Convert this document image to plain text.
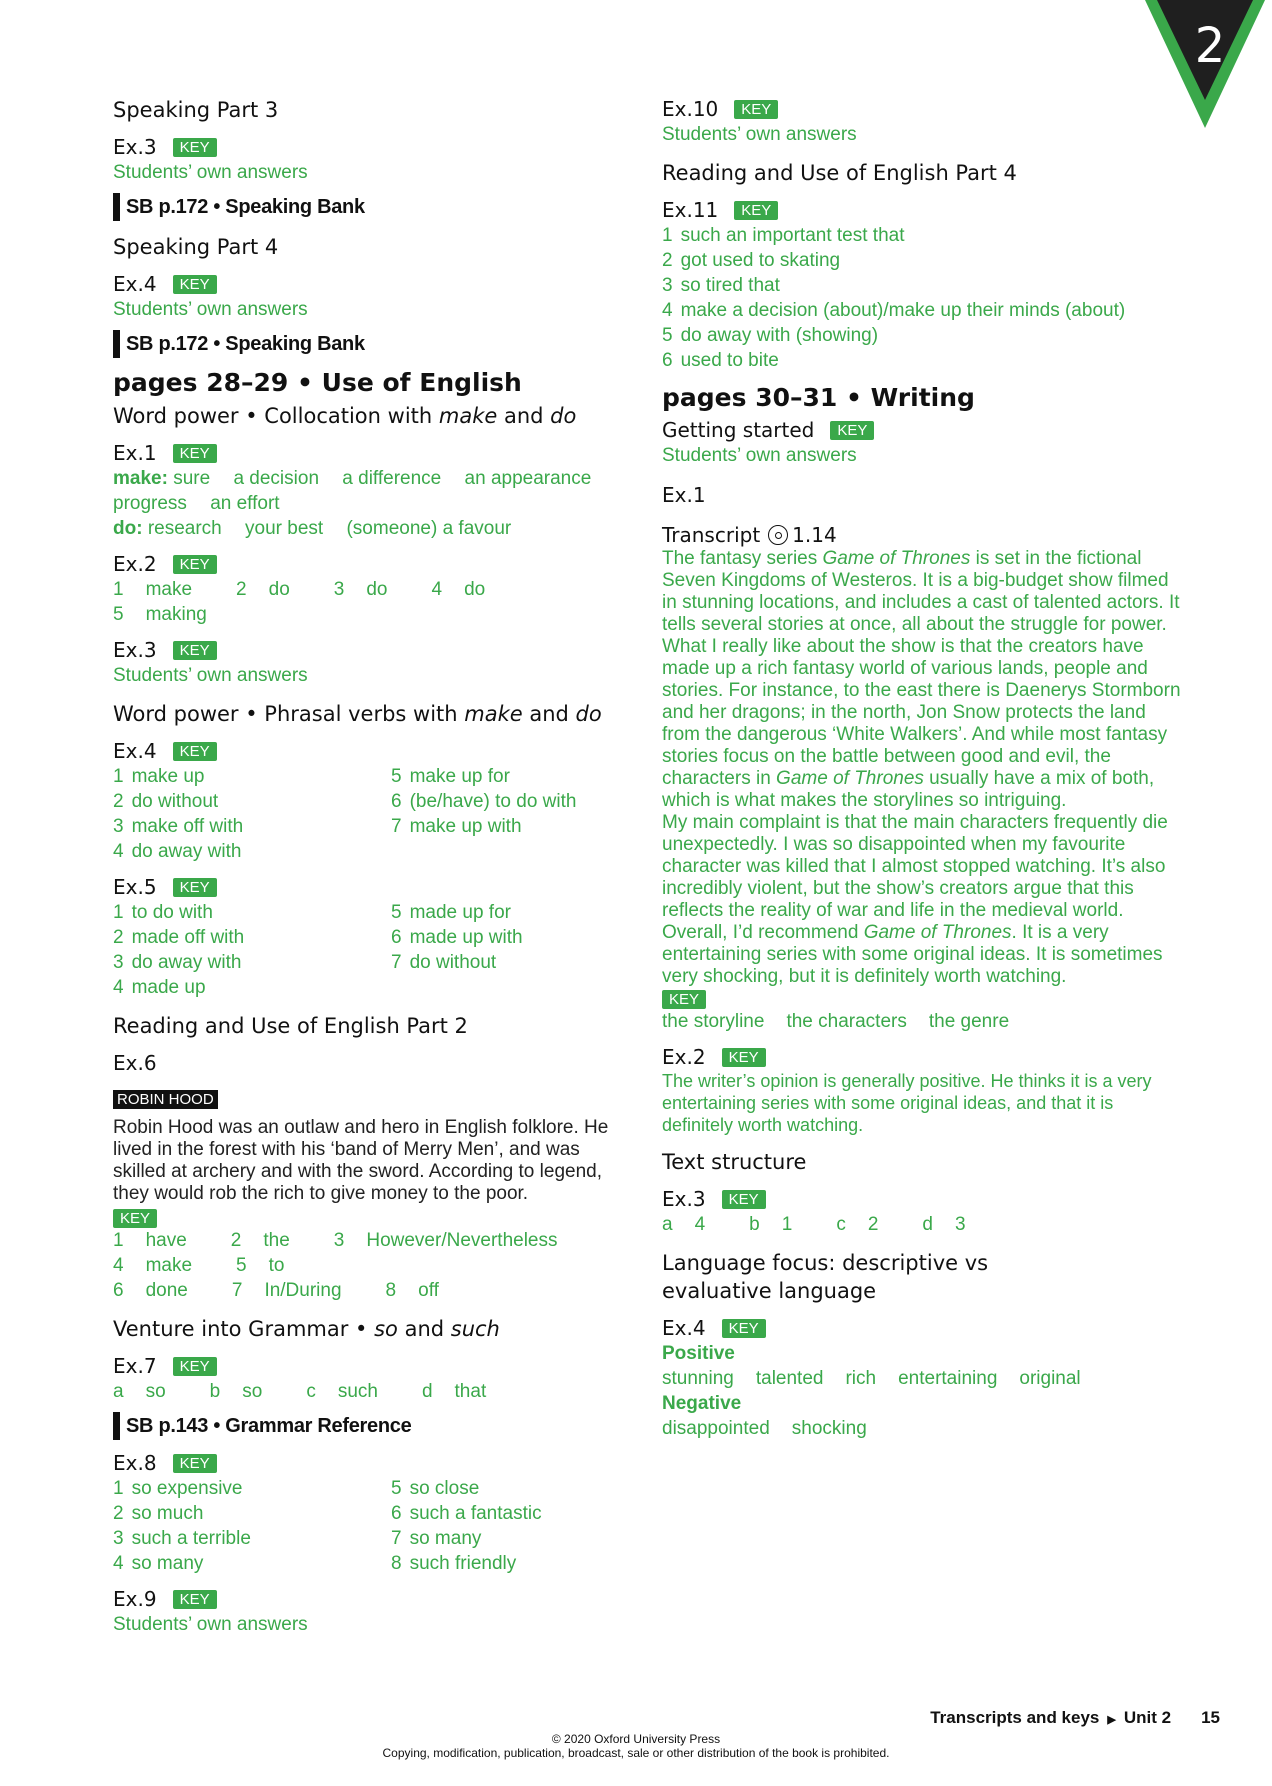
2
Speaking Part 3
Ex.3	KEY
Students’ own answers
SB p.172 • Speaking Bank
Speaking Part 4
Ex.4	KEY
Students’ own answers
SB p.172 • Speaking Bank
pages 28–29 • Use of English
Word power • Collocation with make and do
Ex.1	KEY
make: sure a decision a difference an appearance
progress an effort
do: research your best (someone) a favour
Ex.2	KEY
1 make	2 do	3 do	4 do
5 making
Ex.3	KEY
Students’ own answers
Word power • Phrasal verbs with make and do
Ex.4	KEY
1 make up
2 do without
3 make off with
4 do away with
5 make up for
6 (be/have) to do with
7 make up with
Ex.5	KEY
1 to do with
2 made off with
3 do away with
4 made up
5 made up for
6 made up with
7 do without
Reading and Use of English Part 2
Ex.6
ROBIN HOOD
Robin Hood was an outlaw and hero in English folklore. He lived in the forest with his ‘band of Merry Men’, and was skilled at archery and with the sword. According to legend, they would rob the rich to give money to the poor.
KEY
1 have	2 the	3 However/Nevertheless
4 make	5 to
6 done	7 In/During	8 off
Venture into Grammar • so and such
Ex.7	KEY
a so	b so	c such	d that
SB p.143 • Grammar Reference
Ex.8	KEY
1 so expensive
2 so much
3 such a terrible
4 so many
5 so close
6 such a fantastic
7 so many
8 such friendly
Ex.9	KEY
Students’ own answers
Ex.10	KEY
Students’ own answers
Reading and Use of English Part 4
Ex.11	KEY
1 such an important test that
2 got used to skating
3 so tired that
4 make a decision (about)/make up their minds (about)
5 do away with (showing)
6 used to bite
pages 30–31 • Writing
Getting started	KEY
Students’ own answers
Ex.1
Transcript 1.14
The fantasy series Game of Thrones is set in the fictional Seven Kingdoms of Westeros. It is a big-budget show filmed in stunning locations, and includes a cast of talented actors. It tells several stories at once, all about the struggle for power.
What I really like about the show is that the creators have made up a rich fantasy world of various lands, people and stories. For instance, to the east there is Daenerys Stormborn and her dragons; in the north, Jon Snow protects the land from the dangerous ‘White Walkers’. And while most fantasy stories focus on the battle between good and evil, the characters in Game of Thrones usually have a mix of both, which is what makes the storylines so intriguing.
My main complaint is that the main characters frequently die unexpectedly. I was so disappointed when my favourite character was killed that I almost stopped watching. It’s also incredibly violent, but the show’s creators argue that this reflects the reality of war and life in the medieval world.
Overall, I’d recommend Game of Thrones. It is a very entertaining series with some original ideas. It is sometimes very shocking, but it is definitely worth watching.
KEY
the storyline the characters the genre
Ex.2	KEY
The writer’s opinion is generally positive. He thinks it is a very entertaining series with some original ideas, and that it is definitely worth watching.
Text structure
Ex.3	KEY
a 4	b 1	c 2	d 3
Language focus: descriptive vs evaluative language
Ex.4	KEY
Positive
stunning talented rich entertaining original
Negative
disappointed shocking
Transcripts and keys ▶ Unit 2 15
© 2020 Oxford University Press
Copying, modification, publication, broadcast, sale or other distribution of the book is prohibited.
